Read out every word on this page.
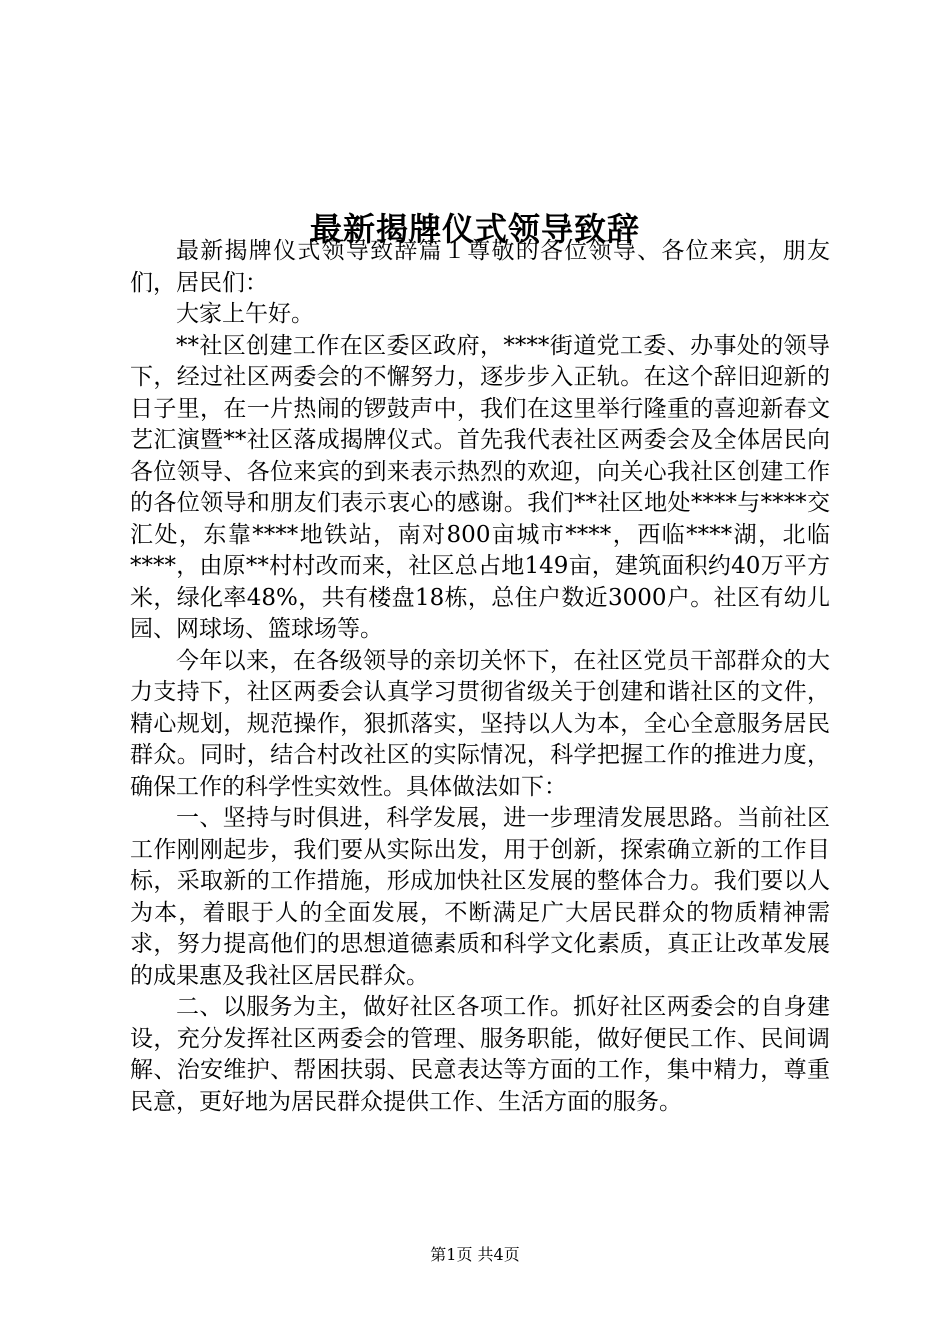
最新揭牌仪式领导致辞

最新揭牌仪式领导致辞篇１尊敬的各位领导、各位来宾，朋友们，居民们：

大家上午好。

**社区创建工作在区委区政府，****街道党工委、办事处的领导下，经过社区两委会的不懈努力，逐步步入正轨。在这个辞旧迎新的日子里，在一片热闹的锣鼓声中，我们在这里举行隆重的喜迎新春文艺汇演暨**社区落成揭牌仪式。首先我代表社区两委会及全体居民向各位领导、各位来宾的到来表示热烈的欢迎，向关心我社区创建工作的各位领导和朋友们表示衷心的感谢。我们**社区地处****与****交汇处，东靠****地铁站，南对800亩城市****，西临****湖，北临****，由原**村村改而来，社区总占地149亩，建筑面积约40万平方米，绿化率48%，共有楼盘18栋，总住户数近3000户。社区有幼儿园、网球场、篮球场等。

今年以来，在各级领导的亲切关怀下，在社区党员干部群众的大力支持下，社区两委会认真学习贯彻省级关于创建和谐社区的文件，精心规划，规范操作，狠抓落实，坚持以人为本，全心全意服务居民群众。同时，结合村改社区的实际情况，科学把握工作的推进力度，确保工作的科学性实效性。具体做法如下：

一、坚持与时俱进，科学发展，进一步理清发展思路。当前社区工作刚刚起步，我们要从实际出发，用于创新，探索确立新的工作目标，采取新的工作措施，形成加快社区发展的整体合力。我们要以人为本，着眼于人的全面发展，不断满足广大居民群众的物质精神需求，努力提高他们的思想道德素质和科学文化素质，真正让改革发展的成果惠及我社区居民群众。

二、以服务为主，做好社区各项工作。抓好社区两委会的自身建设，充分发挥社区两委会的管理、服务职能，做好便民工作、民间调解、治安维护、帮困扶弱、民意表达等方面的工作，集中精力，尊重民意，更好地为居民群众提供工作、生活方面的服务。

第1页 共4页
